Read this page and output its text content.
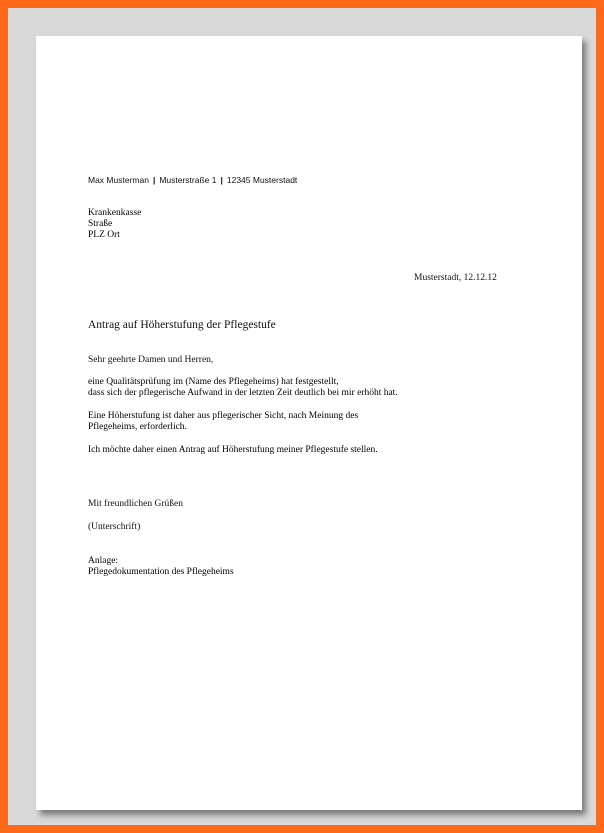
Max Musterman | Musterstraße 1 | 12345 Musterstadt
Krankenkasse
Straße
PLZ Ort
Musterstadt, 12.12.12
Antrag auf Höherstufung der Pflegestufe
Sehr geehrte Damen und Herren,
eine Qualitätsprüfung im (Name des Pflegeheims) hat festgestellt,
dass sich der pflegerische Aufwand in der letzten Zeit deutlich bei mir erhöht hat.
Eine Höherstufung ist daher aus pflegerischer Sicht, nach Meinung des
Pflegeheims, erforderlich.
Ich möchte daher einen Antrag auf Höherstufung meiner Pflegestufe stellen.
Mit freundlichen Grüßen
(Unterschrift)
Anlage:
Pflegedokumentation des Pflegeheims
